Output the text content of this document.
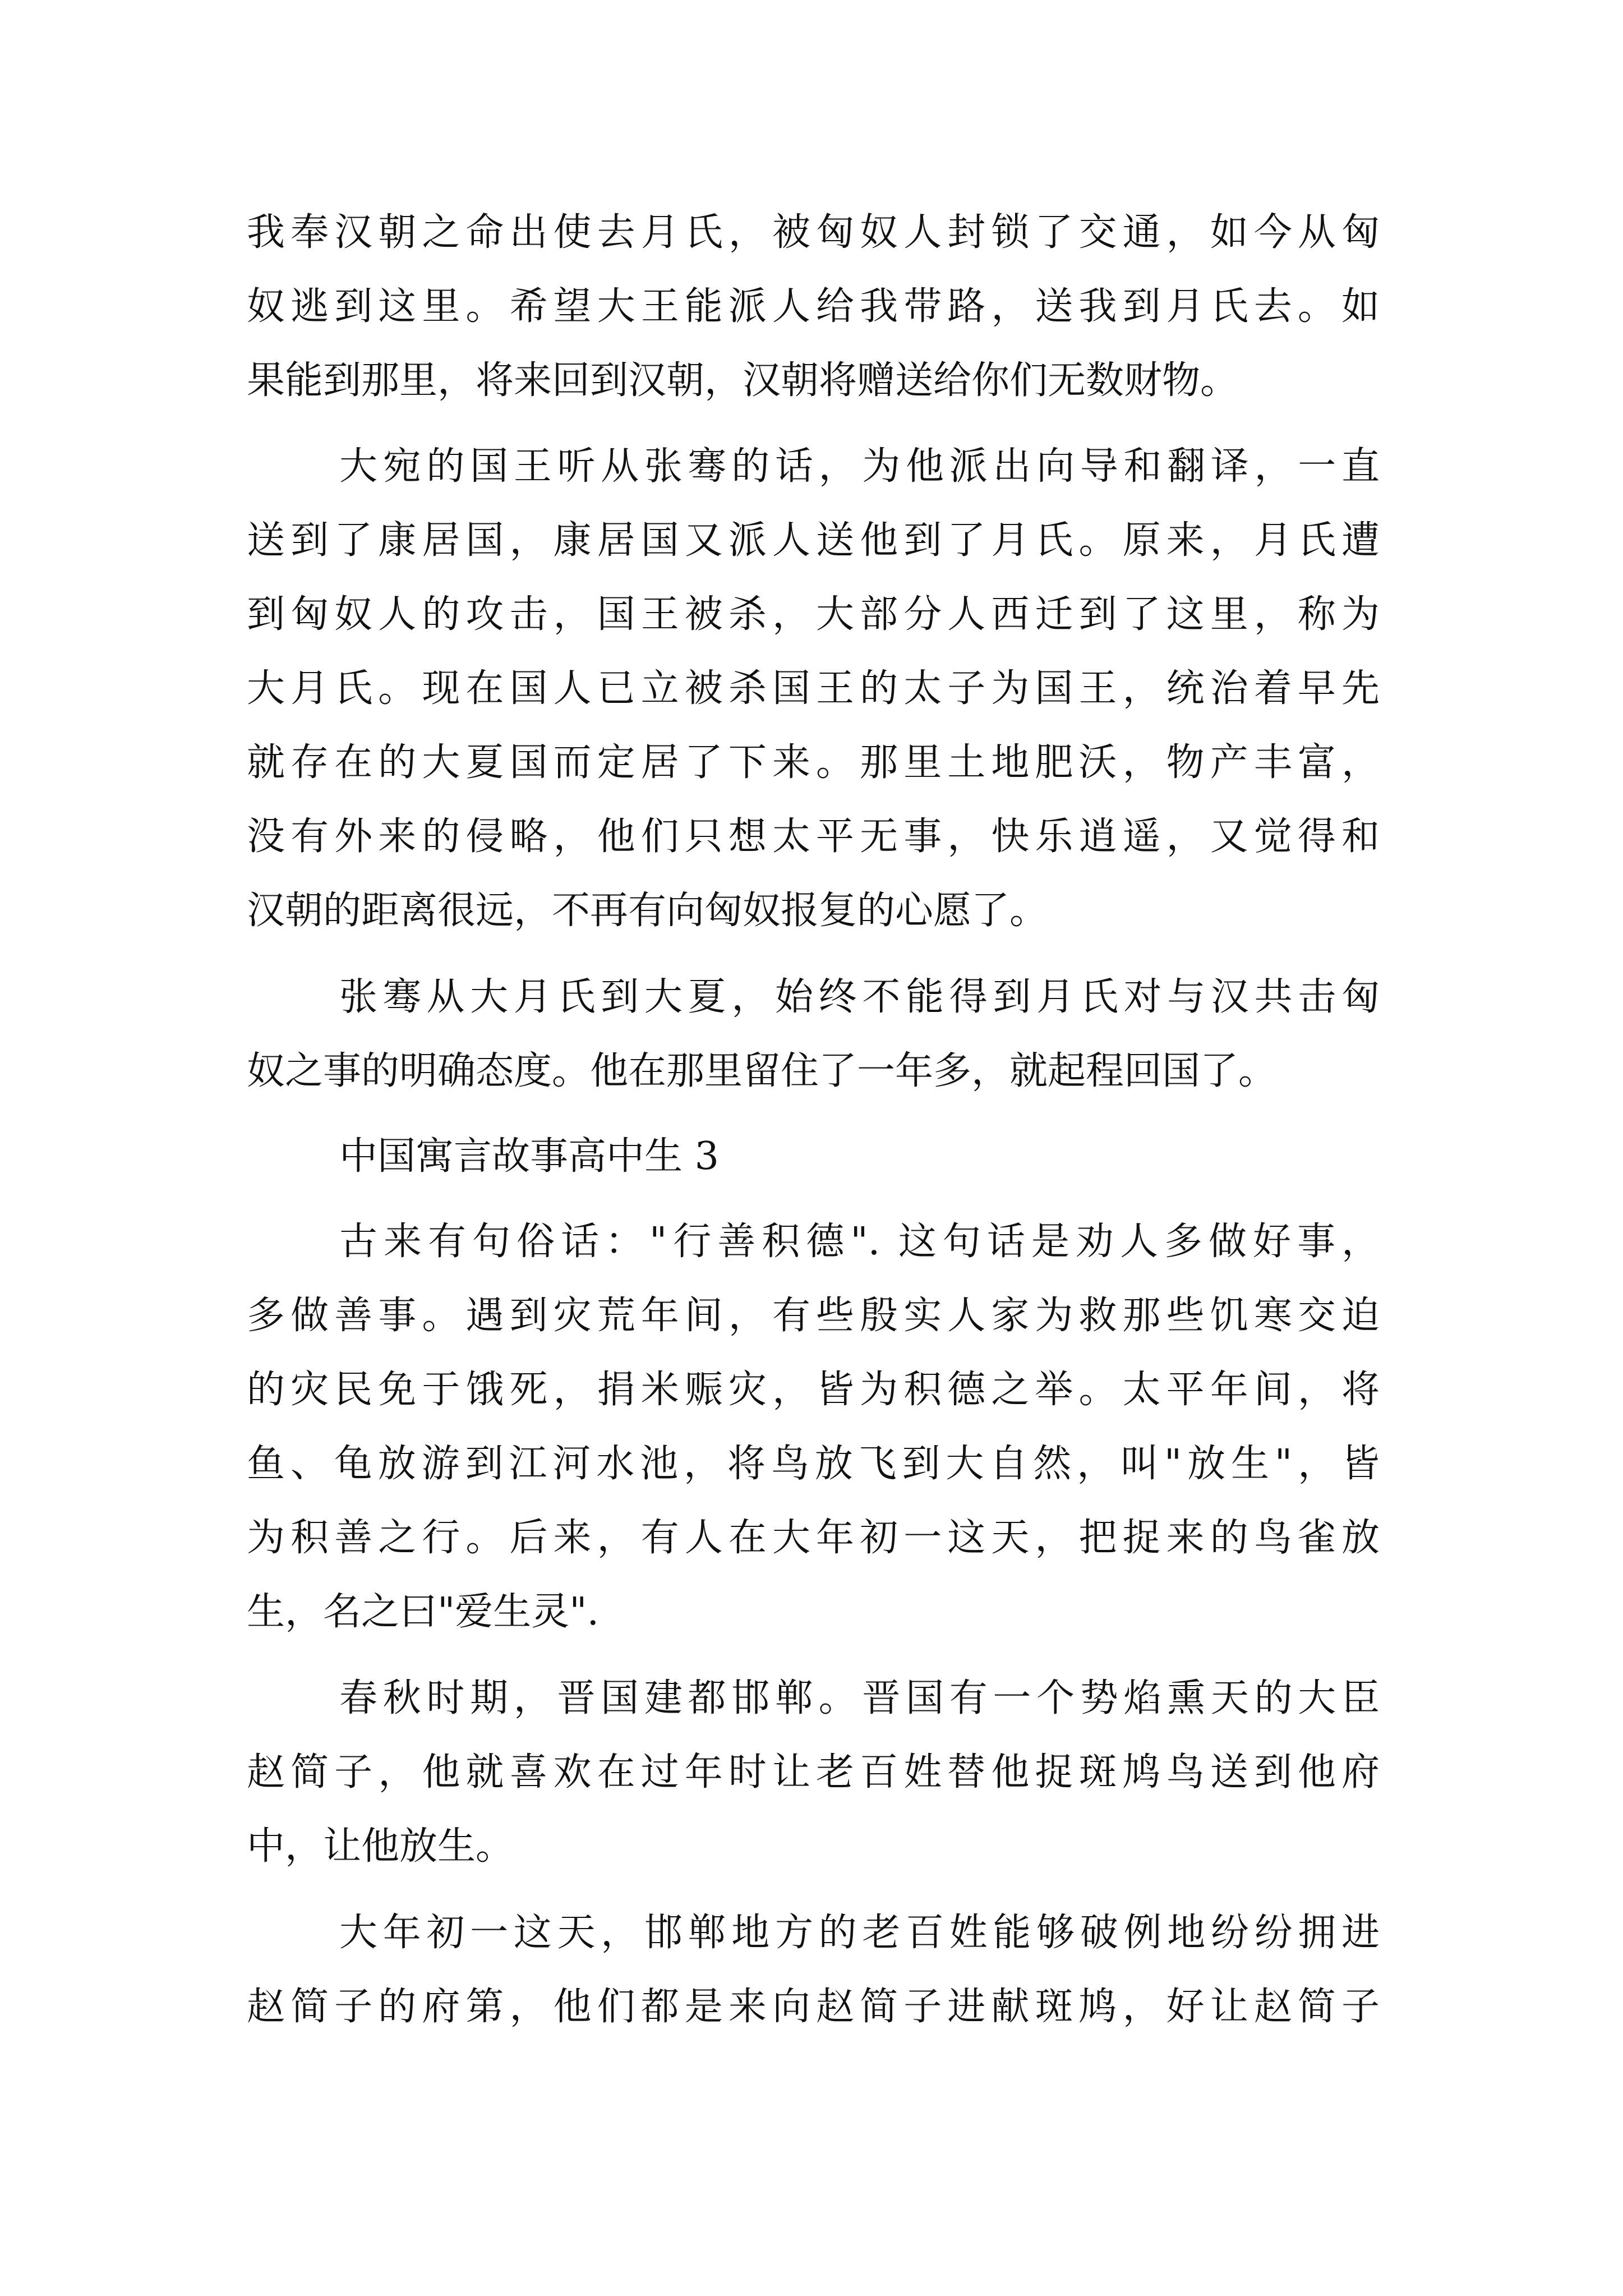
我奉汉朝之命出使去月氏，被匈奴人封锁了交通，如今从匈
奴逃到这里。希望大王能派人给我带路，送我到月氏去。如
果能到那里，将来回到汉朝，汉朝将赠送给你们无数财物。
大宛的国王听从张骞的话，为他派出向导和翻译，一直
送到了康居国，康居国又派人送他到了月氏。原来，月氏遭
到匈奴人的攻击，国王被杀，大部分人西迁到了这里，称为
大月氏。现在国人已立被杀国王的太子为国王，统治着早先
就存在的大夏国而定居了下来。那里土地肥沃，物产丰富，
没有外来的侵略，他们只想太平无事，快乐逍遥，又觉得和
汉朝的距离很远，不再有向匈奴报复的心愿了。
张骞从大月氏到大夏，始终不能得到月氏对与汉共击匈
奴之事的明确态度。他在那里留住了一年多，就起程回国了。
中国寓言故事高中生 3
古来有句俗话："行善积德". 这句话是劝人多做好事，
多做善事。遇到灾荒年间，有些殷实人家为救那些饥寒交迫
的灾民免于饿死，捐米赈灾，皆为积德之举。太平年间，将
鱼、龟放游到江河水池，将鸟放飞到大自然，叫"放生"，皆
为积善之行。后来，有人在大年初一这天，把捉来的鸟雀放
生，名之曰"爱生灵".
春秋时期，晋国建都邯郸。晋国有一个势焰熏天的大臣
赵简子，他就喜欢在过年时让老百姓替他捉斑鸠鸟送到他府
中，让他放生。
大年初一这天，邯郸地方的老百姓能够破例地纷纷拥进
赵简子的府第，他们都是来向赵简子进献斑鸠，好让赵简子
